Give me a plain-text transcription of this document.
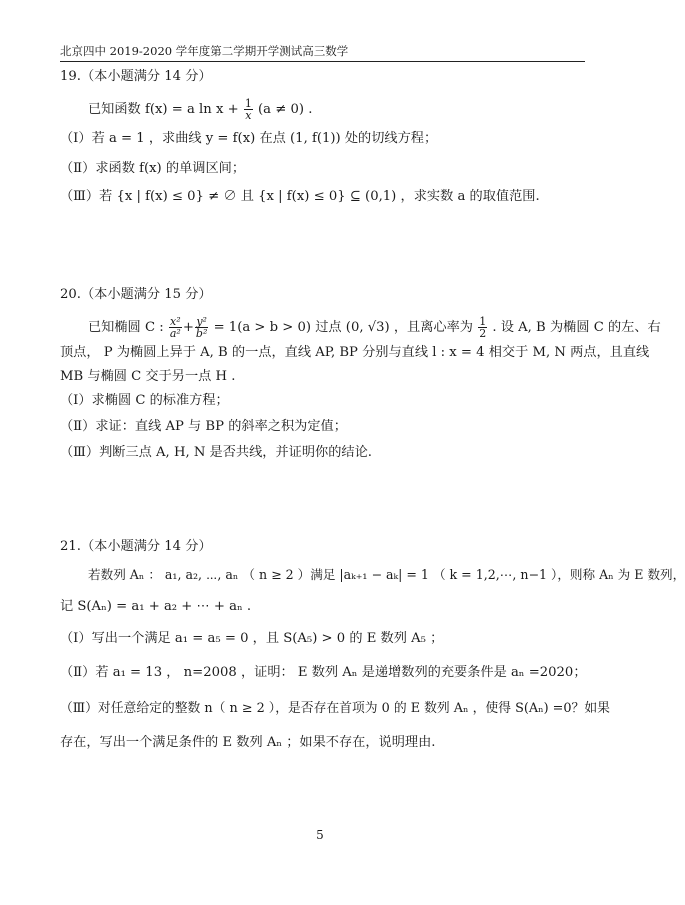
北京四中 2019-2020 学年度第二学期开学测试高三数学
19.（本小题满分 14 分）
已知函数 f(x) = a $\ln x + \frac{1}{x} (a \ne 0)$ .
（Ⅰ）若 a = 1 ，求曲线 y = f(x) 在点 (1, f(1)) 处的切线方程；
（Ⅱ）求函数 f(x) 的单调区间；
（Ⅲ）若 {x | f(x) ≤ 0} ≠ ∅ 且 {x | f(x) ≤ 0} ⊆ (0,1) ，求实数 a 的取值范围.
20.（本小题满分 15 分）
已知椭圆 C : $\frac{\text{x²}}{\text{a²}} + \frac{\text{y²}}{\text{b²}} = 1(a > b > 0)$ 过点 (0, √3) ，且离心率为 $\frac{1}{2}$ . 设 A, B 为椭圆 C 的左、右
顶点， P 为椭圆上异于 A, B 的一点，直线 AP, BP 分别与直线 l : x = 4 相交于 M, N 两点，且直线
MB 与椭圆 C 交于另一点 H .
（Ⅰ）求椭圆 C 的标准方程；
（Ⅱ）求证：直线 AP 与 BP 的斜率之积为定值；
（Ⅲ）判断三点 A, H, N 是否共线，并证明你的结论.
21.（本小题满分 14 分）
若数列 Aₙ ： a₁, a₂, ⋯, aₙ （ n ≥ 2 ）满足 |aₖ₊₁ − aₖ| = 1 （ k = 1,2,⋯, n−1 ），则称 Aₙ 为 E 数列，
记 S(Aₙ) = a₁ + a₂ + ⋯ + aₙ .
（Ⅰ）写出一个满足 a₁ = a₅ = 0 ，且 S(A₅) > 0 的 E 数列 A₅ ；
（Ⅱ）若 a₁ = 13 ， n=2008 ，证明： E 数列 Aₙ 是递增数列的充要条件是 aₙ =2020；
（Ⅲ）对任意给定的整数 n（ n ≥ 2 ），是否存在首项为 0 的 E 数列 Aₙ ，使得 S(Aₙ) =0？如果
存在，写出一个满足条件的 E 数列 Aₙ ；如果不存在，说明理由.
5
